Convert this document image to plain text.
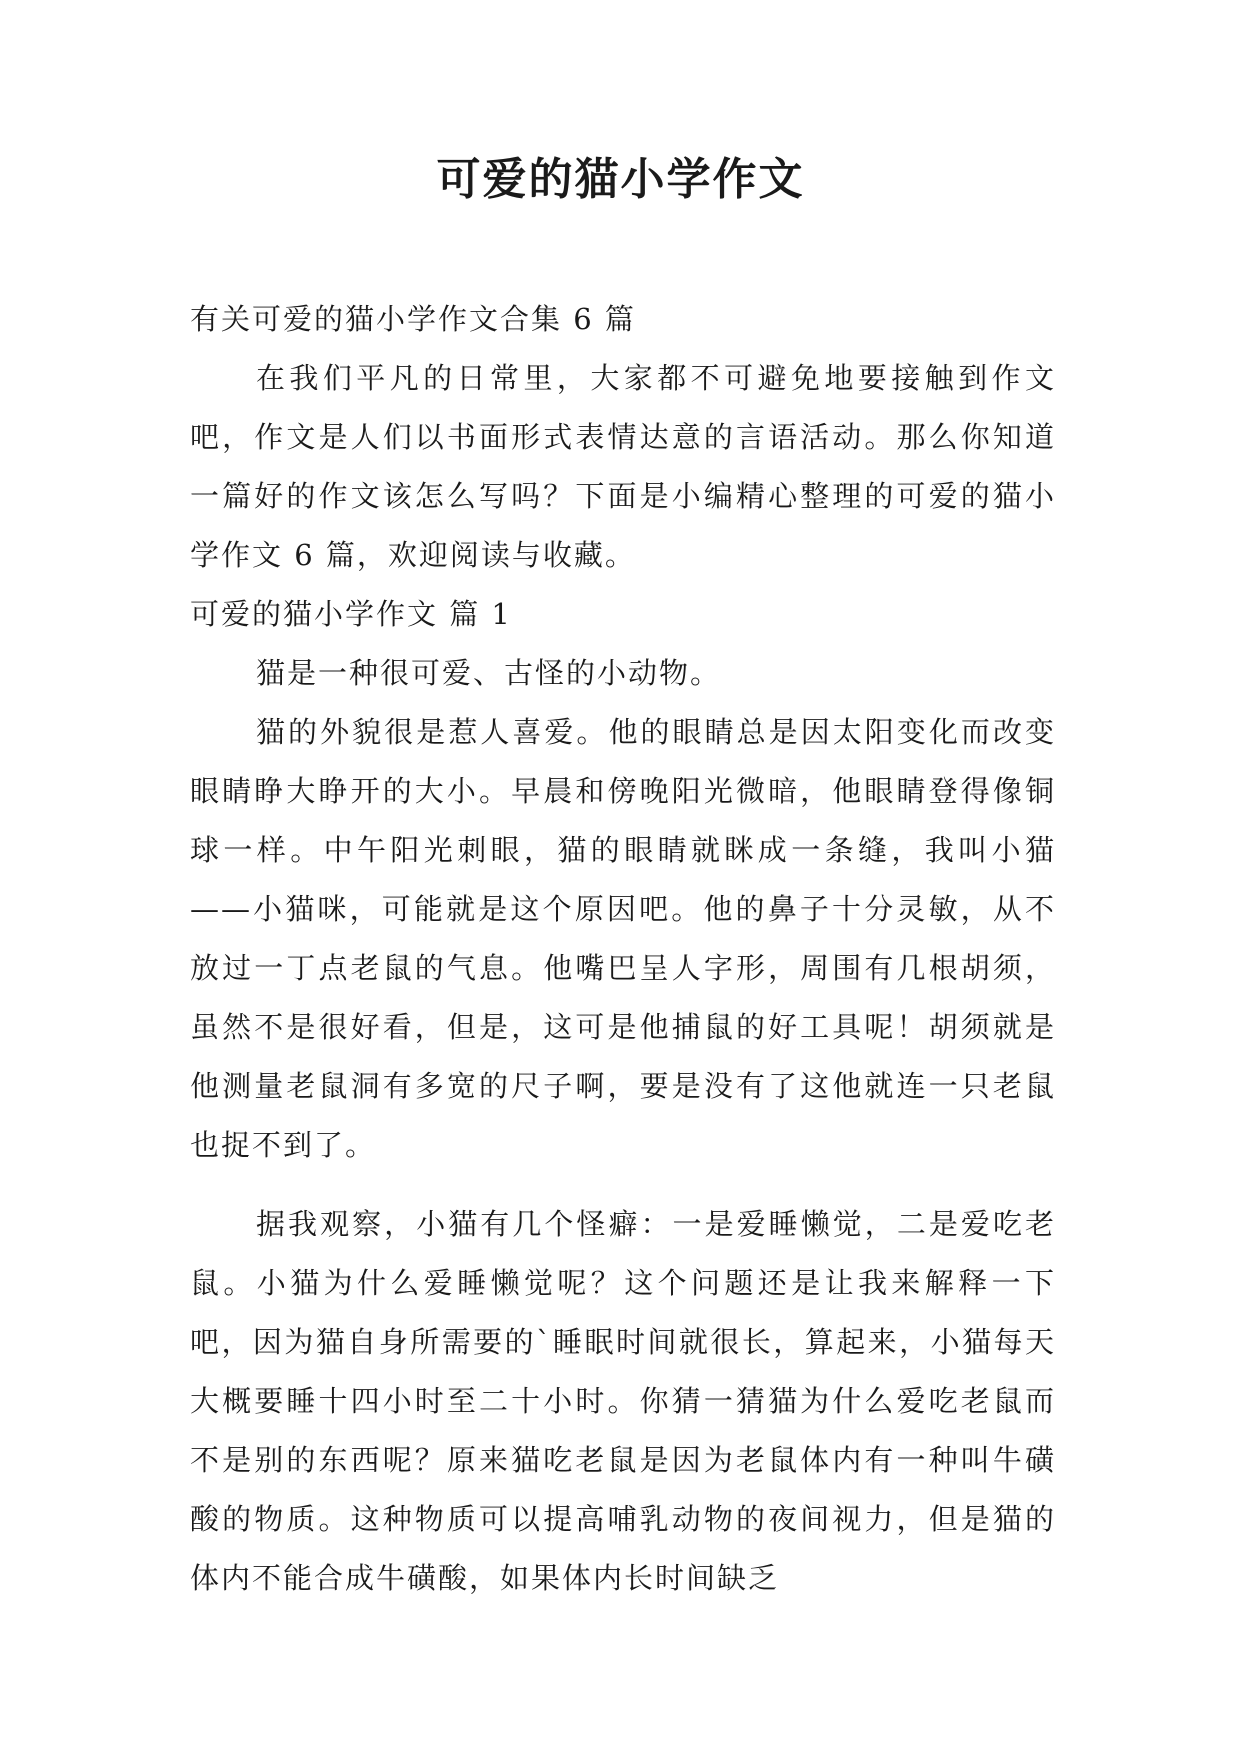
可爱的猫小学作文

有关可爱的猫小学作文合集 6 篇

在我们平凡的日常里，大家都不可避免地要接触到作文吧，作文是人们以书面形式表情达意的言语活动。那么你知道一篇好的作文该怎么写吗？下面是小编精心整理的可爱的猫小学作文 6 篇，欢迎阅读与收藏。

可爱的猫小学作文 篇 1

猫是一种很可爱、古怪的小动物。

猫的外貌很是惹人喜爱。他的眼睛总是因太阳变化而改变眼睛睁大睁开的大小。早晨和傍晚阳光微暗，他眼睛登得像铜球一样。中午阳光刺眼，猫的眼睛就眯成一条缝，我叫小猫——小猫咪，可能就是这个原因吧。他的鼻子十分灵敏，从不放过一丁点老鼠的气息。他嘴巴呈人字形，周围有几根胡须，虽然不是很好看，但是，这可是他捕鼠的好工具呢！胡须就是他测量老鼠洞有多宽的尺子啊，要是没有了这他就连一只老鼠也捉不到了。

据我观察，小猫有几个怪癖：一是爱睡懒觉，二是爱吃老鼠。小猫为什么爱睡懒觉呢？这个问题还是让我来解释一下吧，因为猫自身所需要的`睡眠时间就很长，算起来，小猫每天大概要睡十四小时至二十小时。你猜一猜猫为什么爱吃老鼠而不是别的东西呢？原来猫吃老鼠是因为老鼠体内有一种叫牛磺酸的物质。这种物质可以提高哺乳动物的夜间视力，但是猫的体内不能合成牛磺酸，如果体内长时间缺乏
